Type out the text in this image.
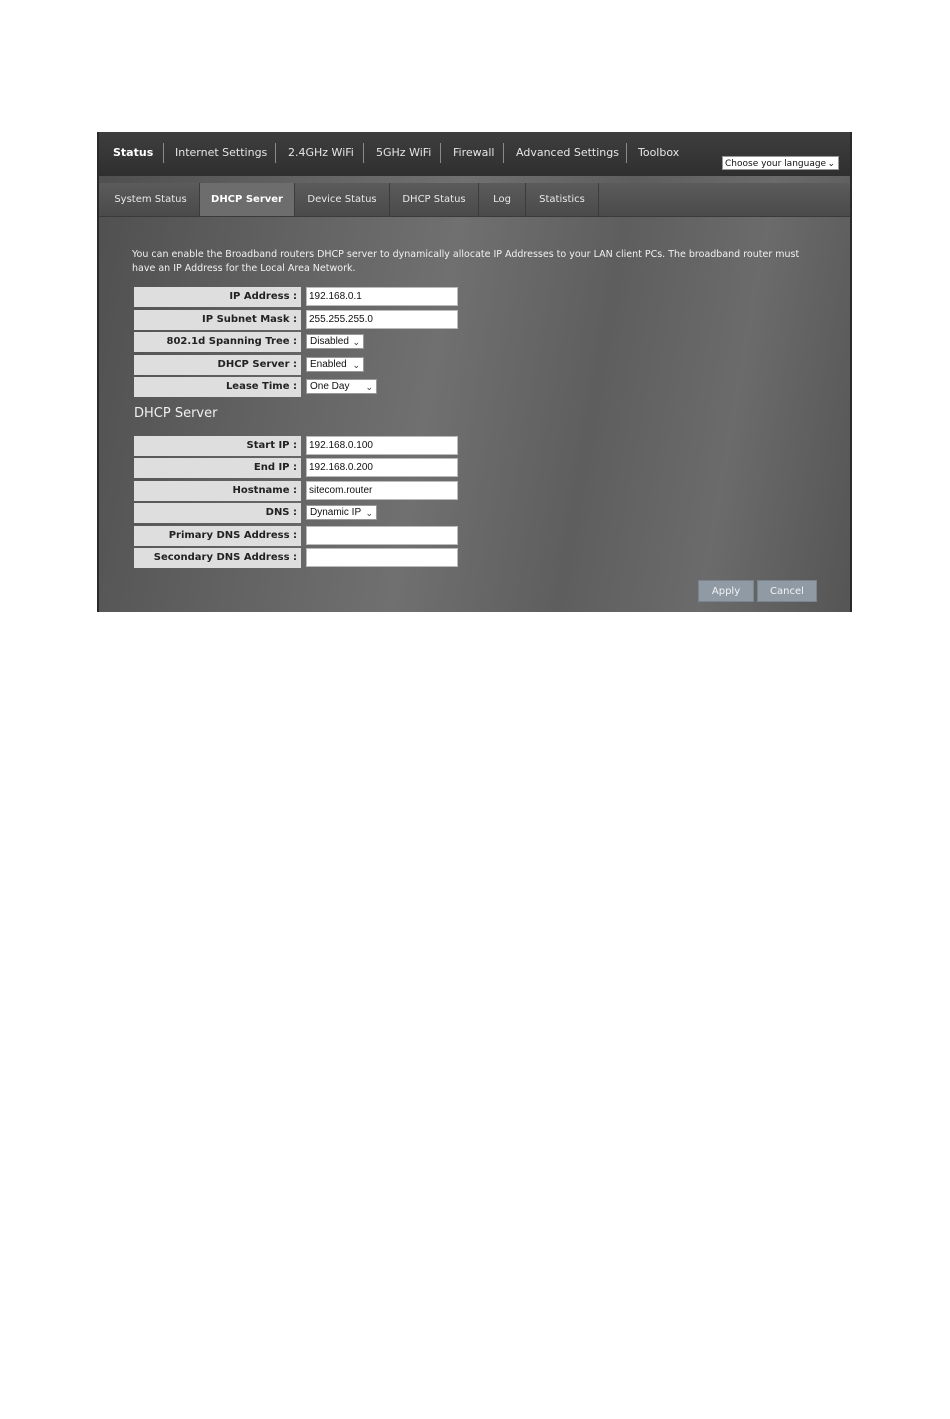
Status Internet Settings 2.4GHz WiFi 5GHz WiFi Firewall Advanced Settings Toolbox
Choose your language ⌄
System Status	DHCP Server	Device Status	DHCP Status	Log	Statistics
You can enable the Broadband routers DHCP server to dynamically allocate IP Addresses to your LAN client PCs. The broadband router must have an IP Address for the Local Area Network.
IP Address :	192.168.0.1
IP Subnet Mask :	255.255.255.0
802.1d Spanning Tree :	Disabled ⌄
DHCP Server :	Enabled ⌄
Lease Time :	One Day ⌄
DHCP Server
Start IP :	192.168.0.100
End IP :	192.168.0.200
Hostname :	sitecom.router
DNS :	Dynamic IP ⌄
Primary DNS Address :
Secondary DNS Address :
Apply	Cancel
